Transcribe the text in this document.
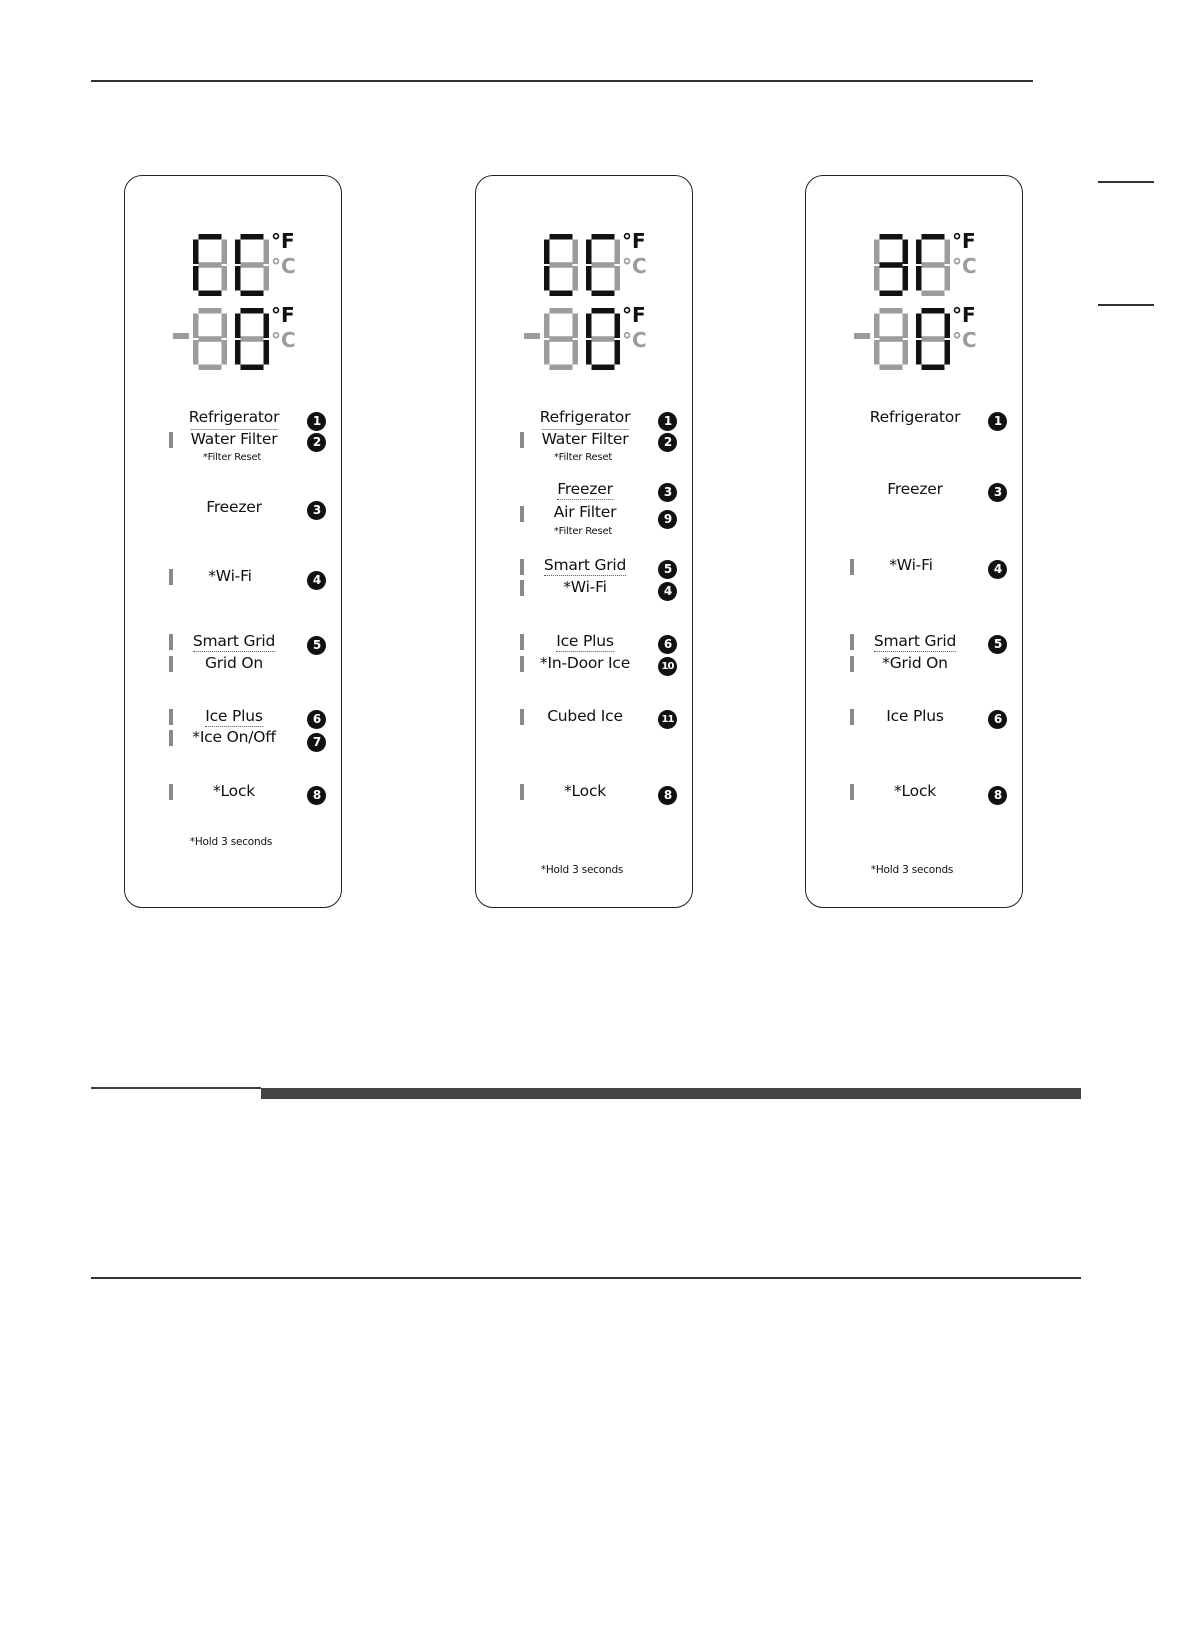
°F
°C
°F
°C
Refrigerator	1
Water Filter	2
*Filter Reset
Freezer	3
*Wi-Fi	4
Smart Grid	5
Grid On
Ice Plus	6
*Ice On/Off	7
*Lock	8
*Hold 3 seconds
°F
°C
°F
°C
Refrigerator	1
Water Filter	2
*Filter Reset
Freezer	3
Air Filter	9
*Filter Reset
Smart Grid	5
*Wi-Fi	4
Ice Plus	6
*In-Door Ice	10
Cubed Ice	11
*Lock	8
*Hold 3 seconds
°F
°C
°F
°C
Refrigerator	1
Freezer	3
*Wi-Fi	4
Smart Grid	5
*Grid On
Ice Plus	6
*Lock	8
*Hold 3 seconds
